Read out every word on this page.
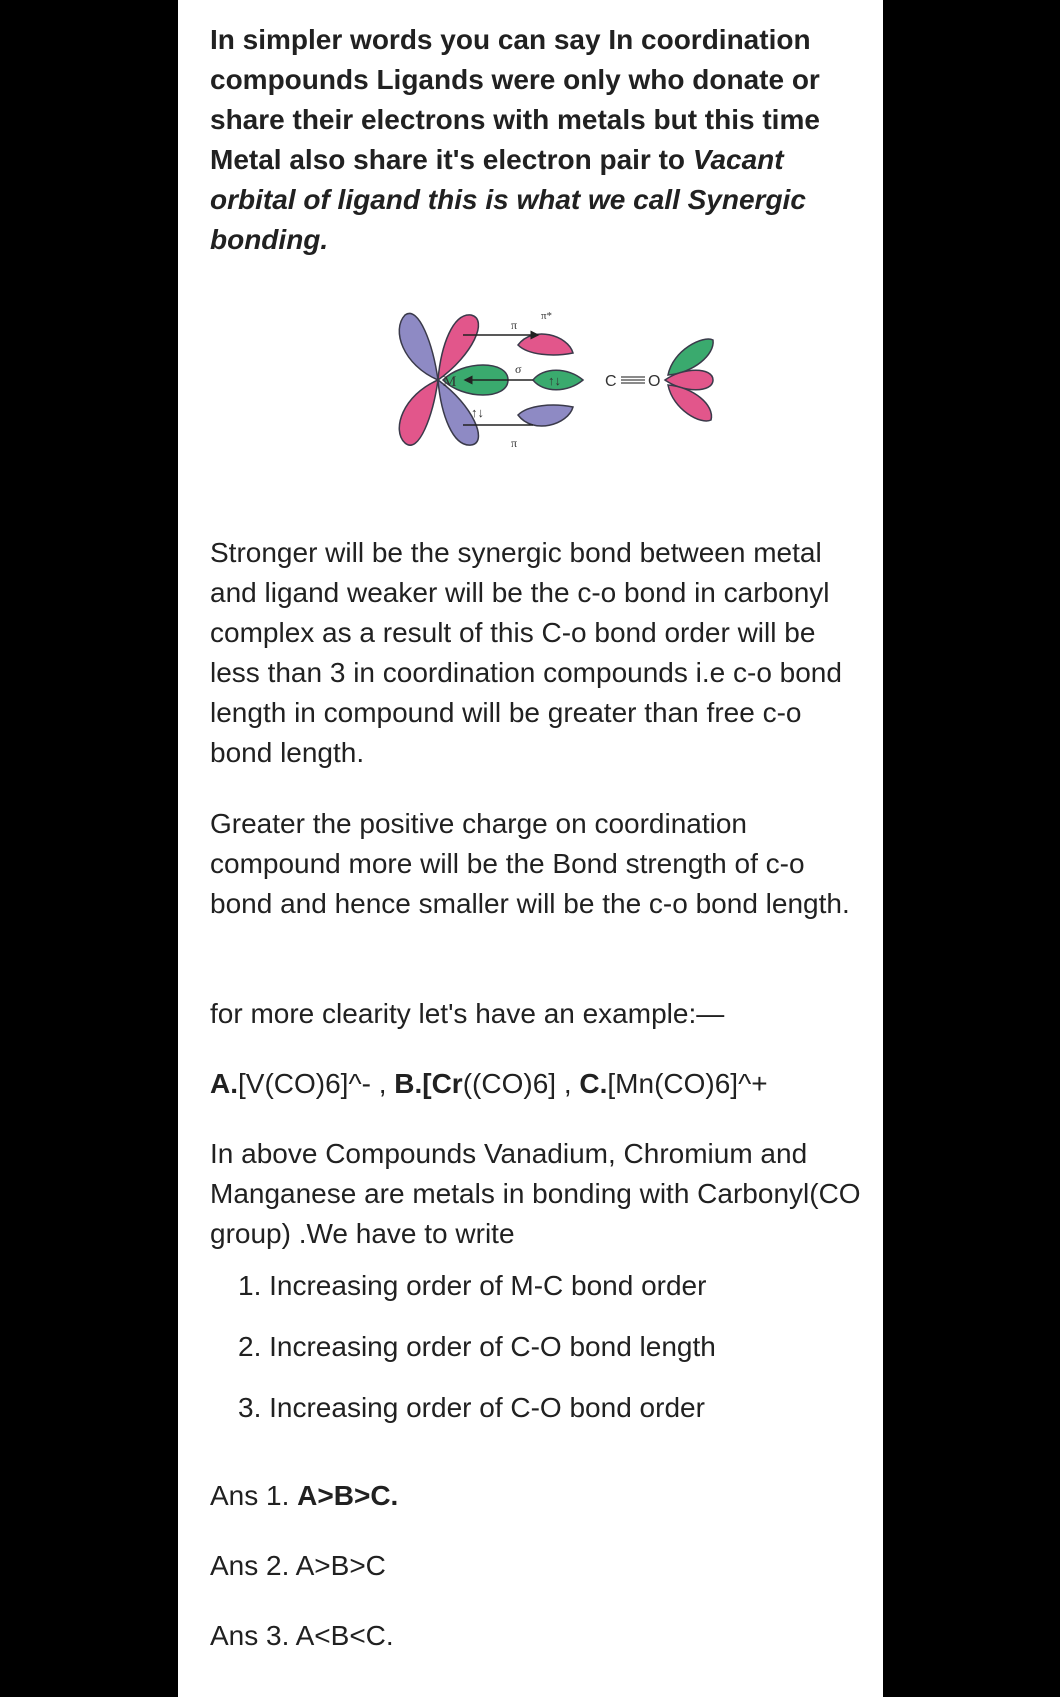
In simpler words you can say In coordination compounds Ligands were only who donate or share their electrons with metals but this time Metal also share it's electron pair to Vacant orbital of ligand this is what we call Synergic bonding.

M
σ
π
π*
π
↑↓
↑↓	C O

Stronger will be the synergic bond between metal and ligand weaker will be the c-o bond in carbonyl complex as a result of this C-o bond order will be less than 3 in coordination compounds i.e c-o bond length in compound will be greater than free c-o bond length.

Greater the positive charge on coordination compound more will be the Bond strength of c-o bond and hence smaller will be the c-o bond length.

for more clearity let's have an example:—

A.[V(CO)6]^- , B.[Cr((CO)6] , C.[Mn(CO)6]^+

In above Compounds Vanadium, Chromium and Manganese are metals in bonding with Carbonyl(CO group) .We have to write

1. Increasing order of M-C bond order
2. Increasing order of C-O bond length
3. Increasing order of C-O bond order

Ans 1. A>B>C.

Ans 2. A>B>C

Ans 3. A<B<C.
